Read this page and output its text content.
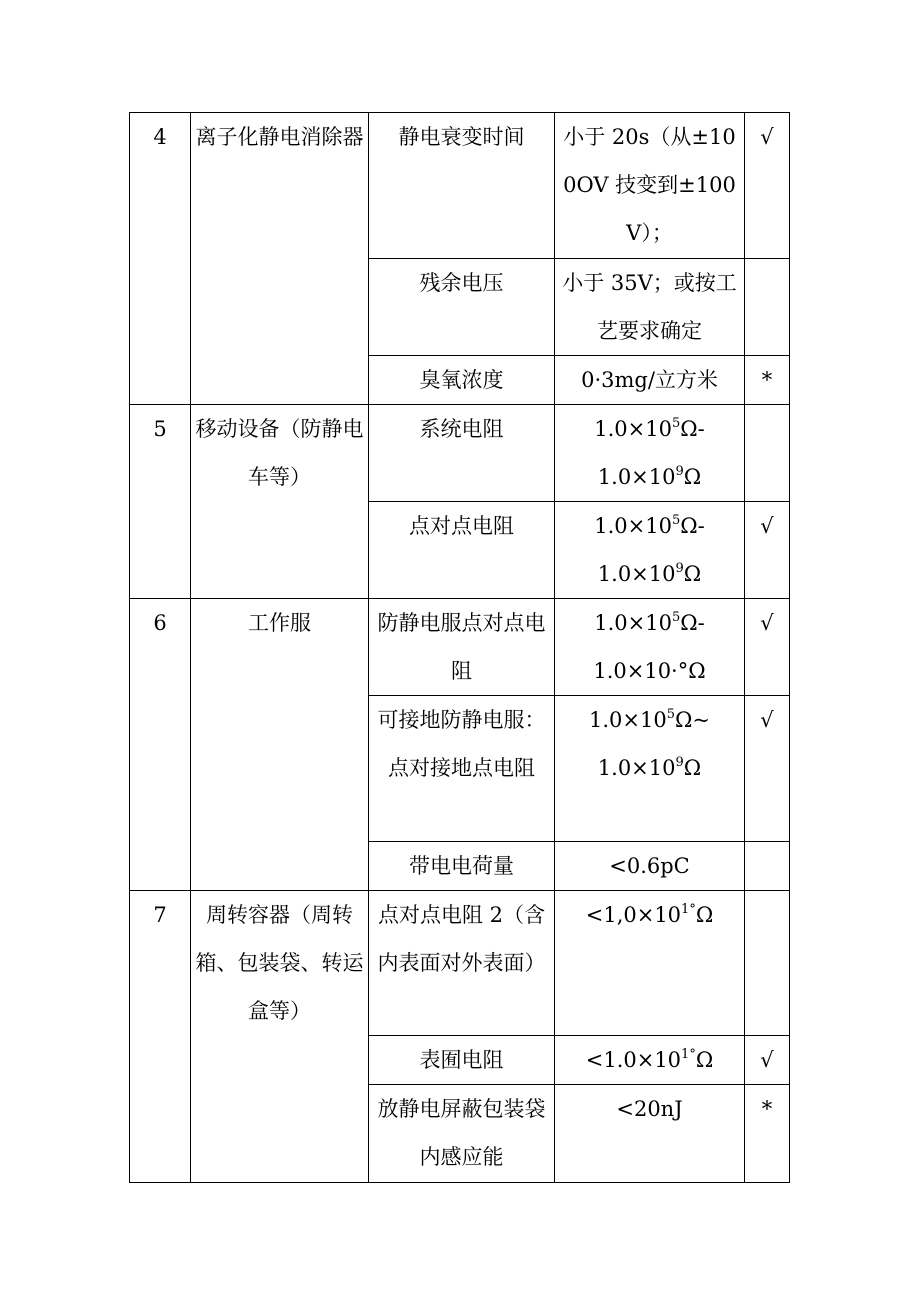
4	离子化静电消除器	静电衰变时间	小于 20s（从±100OV 技变到±100V）；	√
		残余电压	小于 35V；或按工艺要求确定	
		臭氧浓度	0·3mg/立方米	*
5	移动设备（防静电车等）	系统电阻	$1.0\times 10^5\Omega-$
$1.0\times 10^9\Omega$	
		点对点电阻	$1.0\times 10^5\Omega-$
$1.0\times 10^9\Omega$	√
6	工作服	防静电服点对点电阻	$1.0\times 10^5\Omega-$
1.0×10·°Ω	√
		可接地防静电服：点对接地点电阻	$1.0\times 10^5\Omega\sim$
$1.0\times 10^9\Omega$	√
		带电电荷量	<0.6pC	
7	周转容器（周转箱、包装袋、转运盒等）	点对点电阻 2（含内表面对外表面）	$<1,0\times 10^{1^\circ}\Omega$	
		表囿电阻	$<1.0\times 10^{1^\circ}\Omega$	√
		放静电屏蔽包装袋内感应能	<20nJ	*
